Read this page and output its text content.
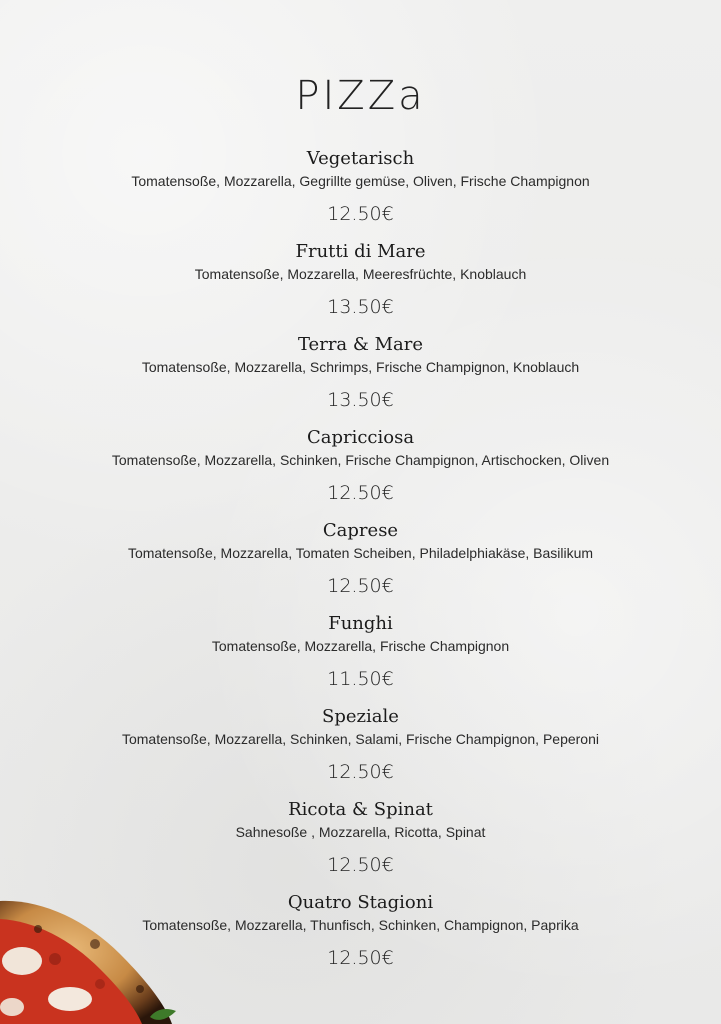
PIZZa
Vegetarisch
Tomatensoße, Mozzarella, Gegrillte gemüse, Oliven, Frische Champignon
12.50€
Frutti di Mare
Tomatensoße, Mozzarella, Meeresfrüchte, Knoblauch
13.50€
Terra & Mare
Tomatensoße, Mozzarella, Schrimps, Frische Champignon, Knoblauch
13.50€
Capricciosa
Tomatensoße, Mozzarella, Schinken, Frische Champignon, Artischocken, Oliven
12.50€
Caprese
Tomatensoße, Mozzarella, Tomaten Scheiben, Philadelphiakäse, Basilikum
12.50€
Funghi
Tomatensoße, Mozzarella, Frische Champignon
11.50€
Speziale
Tomatensoße, Mozzarella, Schinken, Salami, Frische Champignon, Peperoni
12.50€
Ricota & Spinat
Sahnesoße , Mozzarella, Ricotta, Spinat
12.50€
Quatro Stagioni
Tomatensoße, Mozzarella, Thunfisch, Schinken, Champignon, Paprika
12.50€
